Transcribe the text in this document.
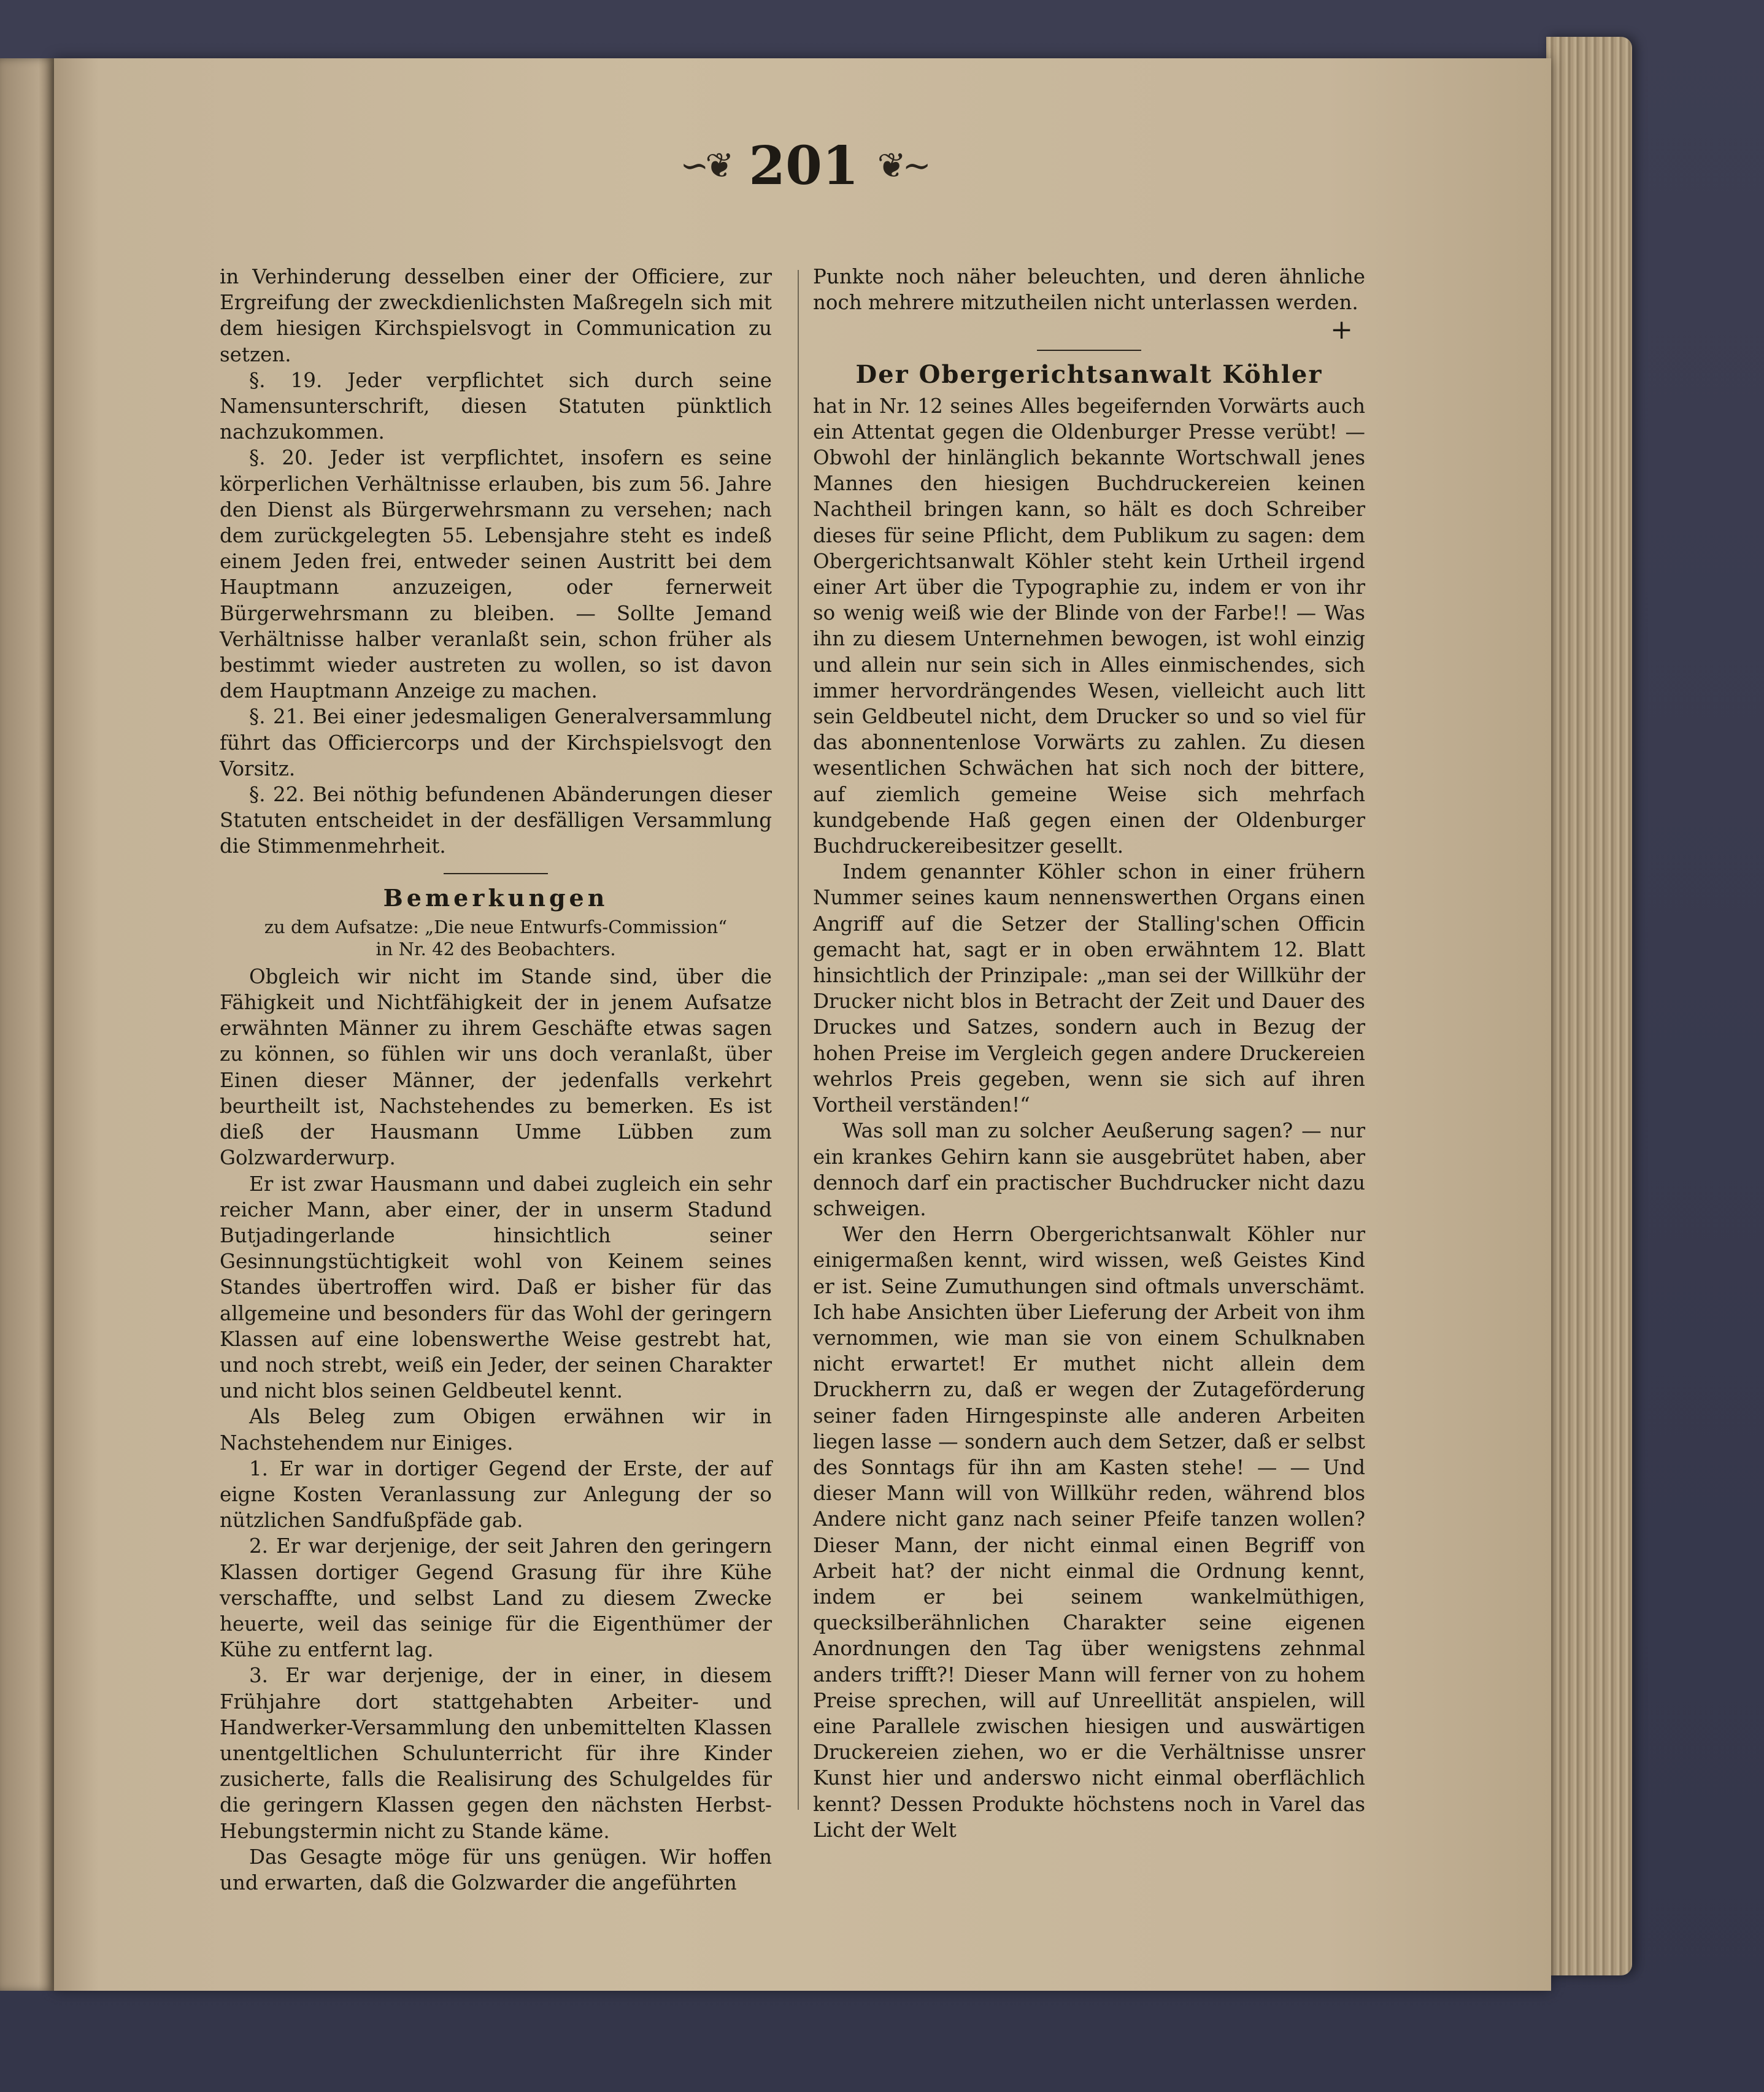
∽❦ 201 ❦∼

in Verhinderung desselben einer der Officiere, zur Ergreifung der zweckdienlichsten Maßregeln sich mit dem hiesigen Kirchspielsvogt in Communication zu setzen.

§. 19. Jeder verpflichtet sich durch seine Namensunterschrift, diesen Statuten pünktlich nachzukommen.

§. 20. Jeder ist verpflichtet, insofern es seine körperlichen Verhältnisse erlauben, bis zum 56. Jahre den Dienst als Bürgerwehrsmann zu versehen; nach dem zurückgelegten 55. Lebensjahre steht es indeß einem Jeden frei, entweder seinen Austritt bei dem Hauptmann anzuzeigen, oder fernerweit Bürgerwehrsmann zu bleiben. — Sollte Jemand Verhältnisse halber veranlaßt sein, schon früher als bestimmt wieder austreten zu wollen, so ist davon dem Hauptmann Anzeige zu machen.

§. 21. Bei einer jedesmaligen Generalversammlung führt das Officiercorps und der Kirchspielsvogt den Vorsitz.

§. 22. Bei nöthig befundenen Abänderungen dieser Statuten entscheidet in der desfälligen Versammlung die Stimmenmehrheit.

Bemerkungen
zu dem Aufsatze: „Die neue Entwurfs-Commission“
in Nr. 42 des Beobachters.

Obgleich wir nicht im Stande sind, über die Fähigkeit und Nichtfähigkeit der in jenem Aufsatze erwähnten Männer zu ihrem Geschäfte etwas sagen zu können, so fühlen wir uns doch veranlaßt, über Einen dieser Männer, der jedenfalls verkehrt beurtheilt ist, Nachstehendes zu bemerken. Es ist dieß der Hausmann Umme Lübben zum Golzwarderwurp.

Er ist zwar Hausmann und dabei zugleich ein sehr reicher Mann, aber einer, der in unserm Stadund Butjadingerlande hinsichtlich seiner Gesinnungstüchtigkeit wohl von Keinem seines Standes übertroffen wird. Daß er bisher für das allgemeine und besonders für das Wohl der geringern Klassen auf eine lobenswerthe Weise gestrebt hat, und noch strebt, weiß ein Jeder, der seinen Charakter und nicht blos seinen Geldbeutel kennt.

Als Beleg zum Obigen erwähnen wir in Nachstehendem nur Einiges.

1. Er war in dortiger Gegend der Erste, der auf eigne Kosten Veranlassung zur Anlegung der so nützlichen Sandfußpfäde gab.

2. Er war derjenige, der seit Jahren den geringern Klassen dortiger Gegend Grasung für ihre Kühe verschaffte, und selbst Land zu diesem Zwecke heuerte, weil das seinige für die Eigenthümer der Kühe zu entfernt lag.

3. Er war derjenige, der in einer, in diesem Frühjahre dort stattgehabten Arbeiter- und Handwerker-Versammlung den unbemittelten Klassen unentgeltlichen Schulunterricht für ihre Kinder zusicherte, falls die Realisirung des Schulgeldes für die geringern Klassen gegen den nächsten Herbst-Hebungstermin nicht zu Stande käme.

Das Gesagte möge für uns genügen. Wir hoffen und erwarten, daß die Golzwarder die angeführten

Punkte noch näher beleuchten, und deren ähnliche noch mehrere mitzutheilen nicht unterlassen werden.

+
Der Obergerichtsanwalt Köhler

hat in Nr. 12 seines Alles begeifernden Vorwärts auch ein Attentat gegen die Oldenburger Presse verübt! — Obwohl der hinlänglich bekannte Wortschwall jenes Mannes den hiesigen Buchdruckereien keinen Nachtheil bringen kann, so hält es doch Schreiber dieses für seine Pflicht, dem Publikum zu sagen: dem Obergerichtsanwalt Köhler steht kein Urtheil irgend einer Art über die Typographie zu, indem er von ihr so wenig weiß wie der Blinde von der Farbe!! — Was ihn zu diesem Unternehmen bewogen, ist wohl einzig und allein nur sein sich in Alles einmischendes, sich immer hervordrängendes Wesen, vielleicht auch litt sein Geldbeutel nicht, dem Drucker so und so viel für das abonnentenlose Vorwärts zu zahlen. Zu diesen wesentlichen Schwächen hat sich noch der bittere, auf ziemlich gemeine Weise sich mehrfach kundgebende Haß gegen einen der Oldenburger Buchdruckereibesitzer gesellt.

Indem genannter Köhler schon in einer frühern Nummer seines kaum nennenswerthen Organs einen Angriff auf die Setzer der Stalling'schen Officin gemacht hat, sagt er in oben erwähntem 12. Blatt hinsichtlich der Prinzipale: „man sei der Willkühr der Drucker nicht blos in Betracht der Zeit und Dauer des Druckes und Satzes, sondern auch in Bezug der hohen Preise im Vergleich gegen andere Druckereien wehrlos Preis gegeben, wenn sie sich auf ihren Vortheil verständen!“

Was soll man zu solcher Aeußerung sagen? — nur ein krankes Gehirn kann sie ausgebrütet haben, aber dennoch darf ein practischer Buchdrucker nicht dazu schweigen.

Wer den Herrn Obergerichtsanwalt Köhler nur einigermaßen kennt, wird wissen, weß Geistes Kind er ist. Seine Zumuthungen sind oftmals unverschämt. Ich habe Ansichten über Lieferung der Arbeit von ihm vernommen, wie man sie von einem Schulknaben nicht erwartet! Er muthet nicht allein dem Druckherrn zu, daß er wegen der Zutageförderung seiner faden Hirngespinste alle anderen Arbeiten liegen lasse — sondern auch dem Setzer, daß er selbst des Sonntags für ihn am Kasten stehe! — — Und dieser Mann will von Willkühr reden, während blos Andere nicht ganz nach seiner Pfeife tanzen wollen? Dieser Mann, der nicht einmal einen Begriff von Arbeit hat? der nicht einmal die Ordnung kennt, indem er bei seinem wankelmüthigen, quecksilberähnlichen Charakter seine eigenen Anordnungen den Tag über wenigstens zehnmal anders trifft?! Dieser Mann will ferner von zu hohem Preise sprechen, will auf Unreellität anspielen, will eine Parallele zwischen hiesigen und auswärtigen Druckereien ziehen, wo er die Verhältnisse unsrer Kunst hier und anderswo nicht einmal oberflächlich kennt? Dessen Produkte höchstens noch in Varel das Licht der Welt
